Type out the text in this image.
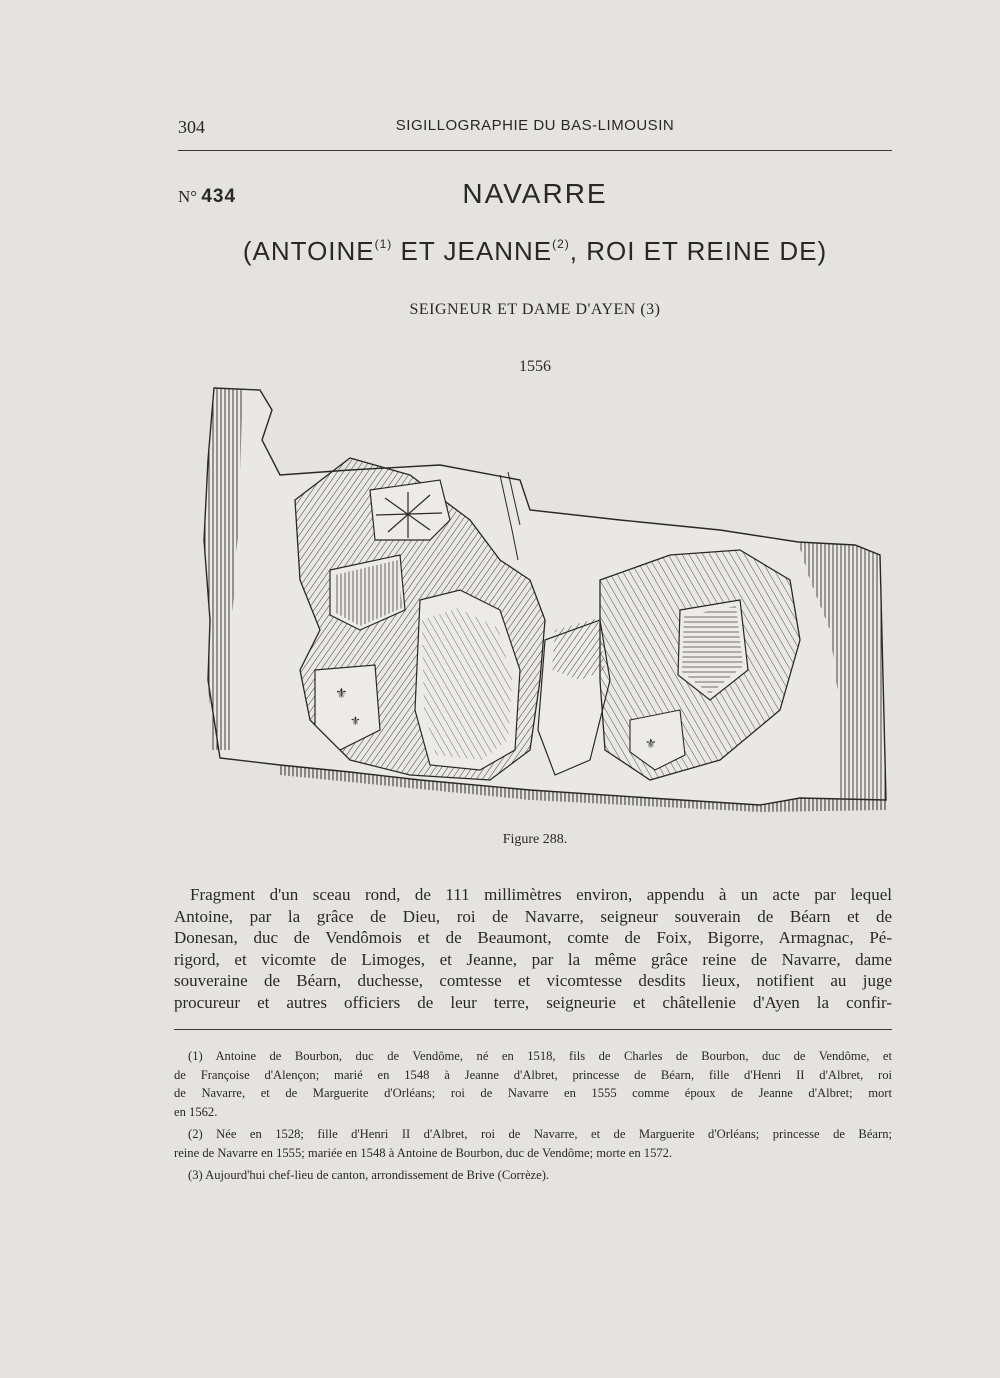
304	SIGILLOGRAPHIE DU BAS-LIMOUSIN
N° 434	NAVARRE
(ANTOINE$^{(1)}$ ET JEANNE$^{(2)}$, ROI ET REINE DE)
SEIGNEUR ET DAME D'AYEN (3)
1556
⚜
⚜
⚜
Figure 288.
Fragment d'un sceau rond, de 111 millimètres environ, appendu à un acte par lequel
Antoine, par la grâce de Dieu, roi de Navarre, seigneur souverain de Béarn et de
Donesan, duc de Vendômois et de Beaumont, comte de Foix, Bigorre, Armagnac, Pé-
rigord, et vicomte de Limoges, et Jeanne, par la même grâce reine de Navarre, dame
souveraine de Béarn, duchesse, comtesse et vicomtesse desdits lieux, notifient au juge
procureur et autres officiers de leur terre, seigneurie et châtellenie d'Ayen la confir-
(1) Antoine de Bourbon, duc de Vendôme, né en 1518, fils de Charles de Bourbon, duc de Vendôme, et
de Françoise d'Alençon; marié en 1548 à Jeanne d'Albret, princesse de Béarn, fille d'Henri II d'Albret, roi
de Navarre, et de Marguerite d'Orléans; roi de Navarre en 1555 comme époux de Jeanne d'Albret; mort
en 1562.
(2) Née en 1528; fille d'Henri II d'Albret, roi de Navarre, et de Marguerite d'Orléans; princesse de Béarn;
reine de Navarre en 1555; mariée en 1548 à Antoine de Bourbon, duc de Vendôme; morte en 1572.
(3) Aujourd'hui chef-lieu de canton, arrondissement de Brive (Corrèze).
